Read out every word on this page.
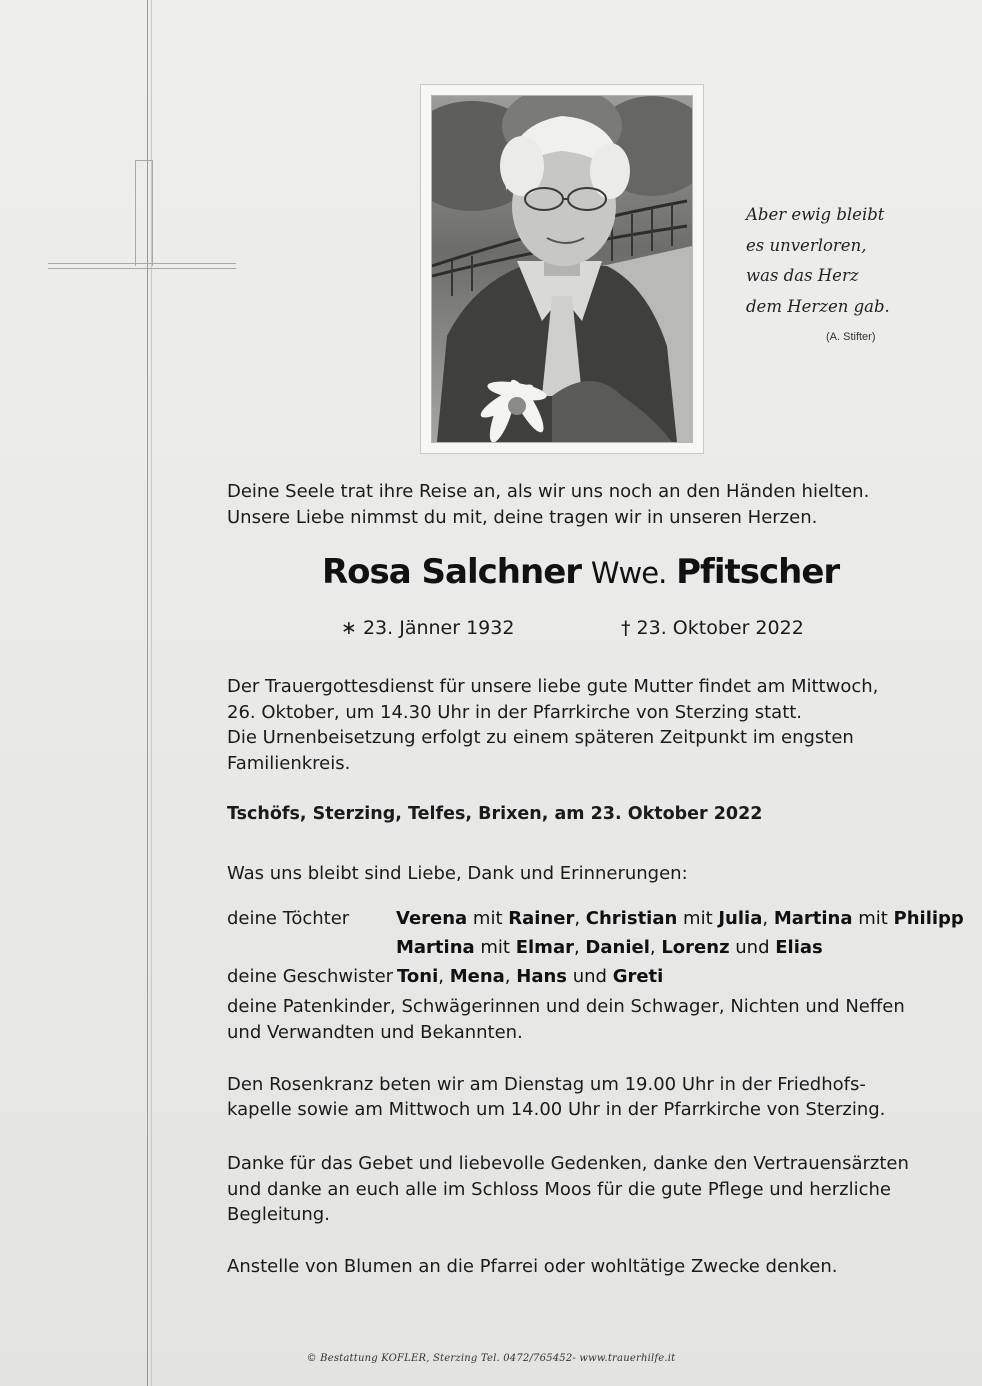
Aber ewig bleibt
es unverloren,
was das Herz
dem Herzen gab.
(A. Stifter)
Deine Seele trat ihre Reise an, als wir uns noch an den Händen hielten.
Unsere Liebe nimmst du mit, deine tragen wir in unseren Herzen.
Rosa Salchner Wwe. Pfitscher
∗ 23. Jänner 1932	† 23. Oktober 2022
Der Trauergottesdienst für unsere liebe gute Mutter findet am Mittwoch,
26. Oktober, um 14.30 Uhr in der Pfarrkirche von Sterzing statt.
Die Urnenbeisetzung erfolgt zu einem späteren Zeitpunkt im engsten
Familienkreis.
Tschöfs, Sterzing, Telfes, Brixen, am 23. Oktober 2022
Was uns bleibt sind Liebe, Dank und Erinnerungen:
deine Töchter	Verena mit Rainer, Christian mit Julia, Martina mit Philipp
Martina mit Elmar, Daniel, Lorenz und Elias
deine Geschwister Toni, Mena, Hans und Greti
deine Patenkinder, Schwägerinnen und dein Schwager, Nichten und Neffen
und Verwandten und Bekannten.
Den Rosenkranz beten wir am Dienstag um 19.00 Uhr in der Friedhofs-
kapelle sowie am Mittwoch um 14.00 Uhr in der Pfarrkirche von Sterzing.
Danke für das Gebet und liebevolle Gedenken, danke den Vertrauensärzten
und danke an euch alle im Schloss Moos für die gute Pflege und herzliche
Begleitung.
Anstelle von Blumen an die Pfarrei oder wohltätige Zwecke denken.
© Bestattung KOFLER, Sterzing Tel. 0472/765452- www.trauerhilfe.it
